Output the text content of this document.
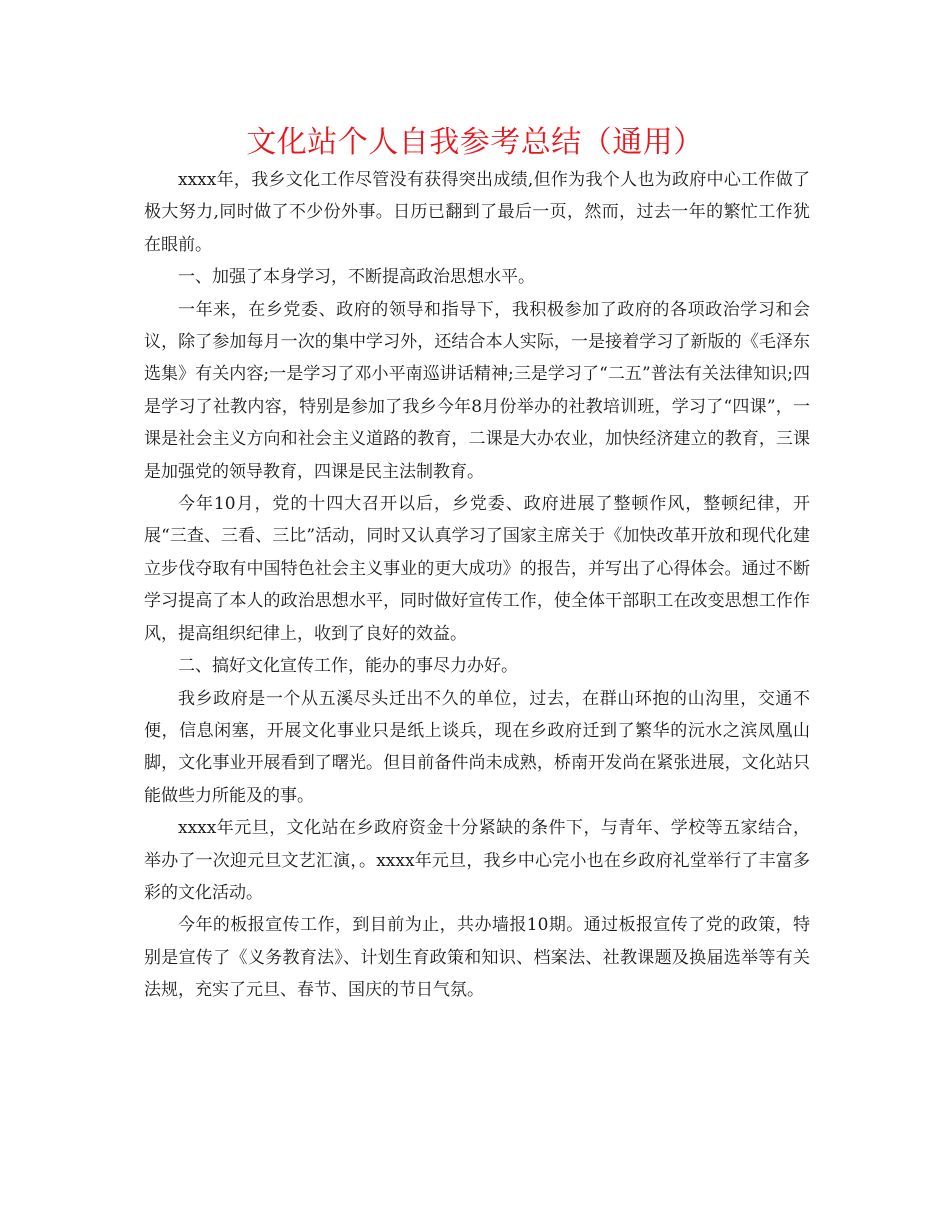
文化站个人自我参考总结（通用）

xxxx年，我乡文化工作尽管没有获得突出成绩,但作为我个人也为政府中心工作做了极大努力,同时做了不少份外事。日历已翻到了最后一页，然而，过去一年的繁忙工作犹在眼前。

一、加强了本身学习，不断提高政治思想水平。

一年来，在乡党委、政府的领导和指导下，我积极参加了政府的各项政治学习和会议，除了参加每月一次的集中学习外，还结合本人实际，一是接着学习了新版的《毛泽东选集》有关内容;一是学习了邓小平南巡讲话精神;三是学习了“二五”普法有关法律知识;四是学习了社教内容，特别是参加了我乡今年8月份举办的社教培训班，学习了“四课”，一课是社会主义方向和社会主义道路的教育，二课是大办农业，加快经济建立的教育，三课是加强党的领导教育，四课是民主法制教育。

今年10月，党的十四大召开以后，乡党委、政府进展了整顿作风，整顿纪律，开展“三查、三看、三比”活动，同时又认真学习了国家主席关于《加快改革开放和现代化建立步伐夺取有中国特色社会主义事业的更大成功》的报告，并写出了心得体会。通过不断学习提高了本人的政治思想水平，同时做好宣传工作，使全体干部职工在改变思想工作作风，提高组织纪律上，收到了良好的效益。

二、搞好文化宣传工作，能办的事尽力办好。

我乡政府是一个从五溪尽头迁出不久的单位，过去，在群山环抱的山沟里，交通不便，信息闲塞，开展文化事业只是纸上谈兵，现在乡政府迁到了繁华的沅水之滨凤凰山脚，文化事业开展看到了曙光。但目前备件尚未成熟，桥南开发尚在紧张进展，文化站只能做些力所能及的事。

xxxx年元旦，文化站在乡政府资金十分紧缺的条件下，与青年、学校等五家结合，举办了一次迎元旦文艺汇演，。xxxx年元旦，我乡中心完小也在乡政府礼堂举行了丰富多彩的文化活动。

今年的板报宣传工作，到目前为止，共办墙报10期。通过板报宣传了党的政策，特别是宣传了《义务教育法》、计划生育政策和知识、档案法、社教课题及换届选举等有关法规，充实了元旦、春节、国庆的节日气氛。
